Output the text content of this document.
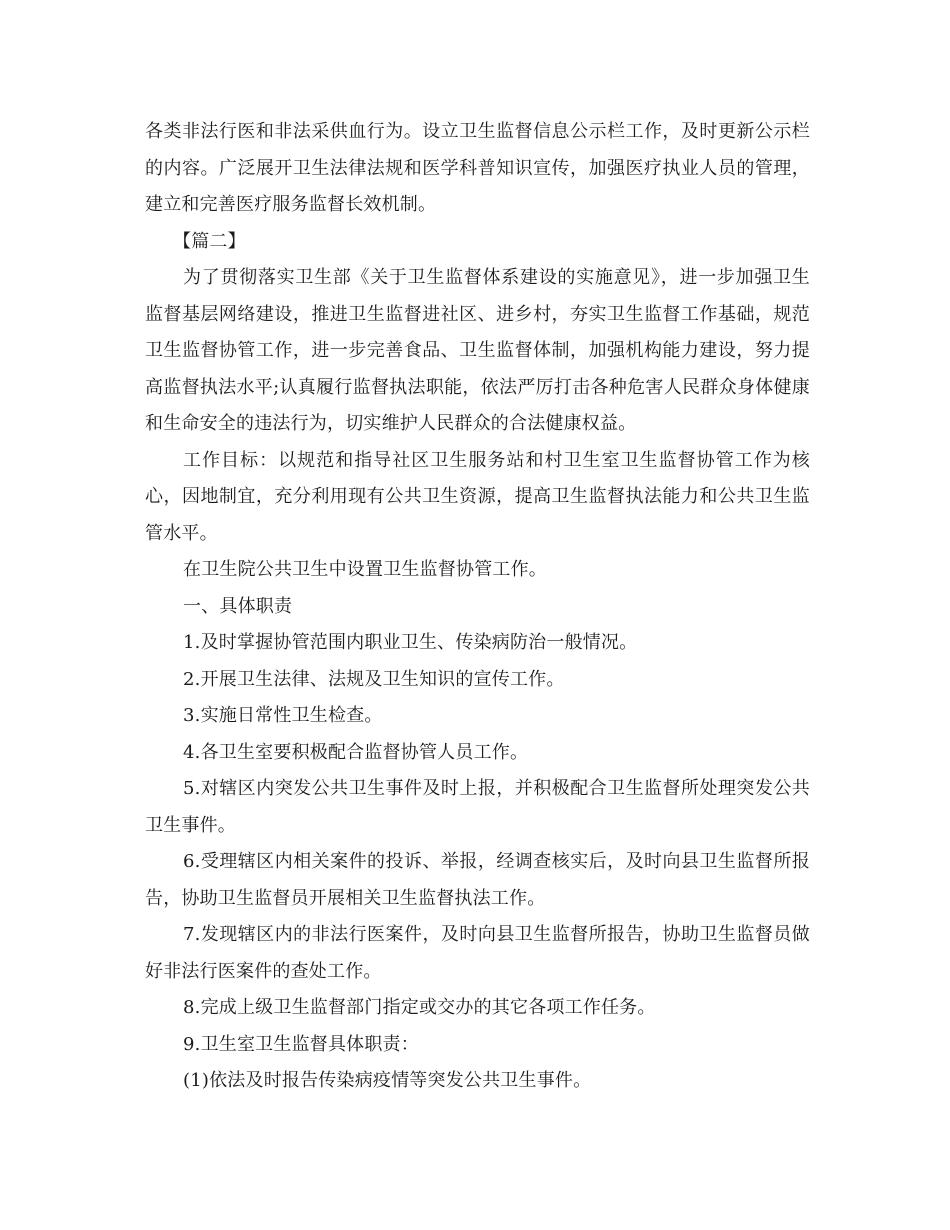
各类非法行医和非法采供血行为。设立卫生监督信息公示栏工作，及时更新公示栏的内容。广泛展开卫生法律法规和医学科普知识宣传，加强医疗执业人员的管理，建立和完善医疗服务监督长效机制。

【篇二】

为了贯彻落实卫生部《关于卫生监督体系建设的实施意见》，进一步加强卫生监督基层网络建设，推进卫生监督进社区、进乡村，夯实卫生监督工作基础，规范卫生监督协管工作，进一步完善食品、卫生监督体制，加强机构能力建设，努力提高监督执法水平;认真履行监督执法职能，依法严厉打击各种危害人民群众身体健康和生命安全的违法行为，切实维护人民群众的合法健康权益。

工作目标：以规范和指导社区卫生服务站和村卫生室卫生监督协管工作为核心，因地制宜，充分利用现有公共卫生资源，提高卫生监督执法能力和公共卫生监管水平。

在卫生院公共卫生中设置卫生监督协管工作。

一、具体职责

1.及时掌握协管范围内职业卫生、传染病防治一般情况。

2.开展卫生法律、法规及卫生知识的宣传工作。

3.实施日常性卫生检查。

4.各卫生室要积极配合监督协管人员工作。

5.对辖区内突发公共卫生事件及时上报，并积极配合卫生监督所处理突发公共卫生事件。

6.受理辖区内相关案件的投诉、举报，经调查核实后，及时向县卫生监督所报告，协助卫生监督员开展相关卫生监督执法工作。

7.发现辖区内的非法行医案件，及时向县卫生监督所报告，协助卫生监督员做好非法行医案件的查处工作。

8.完成上级卫生监督部门指定或交办的其它各项工作任务。

9.卫生室卫生监督具体职责：

(1)依法及时报告传染病疫情等突发公共卫生事件。
